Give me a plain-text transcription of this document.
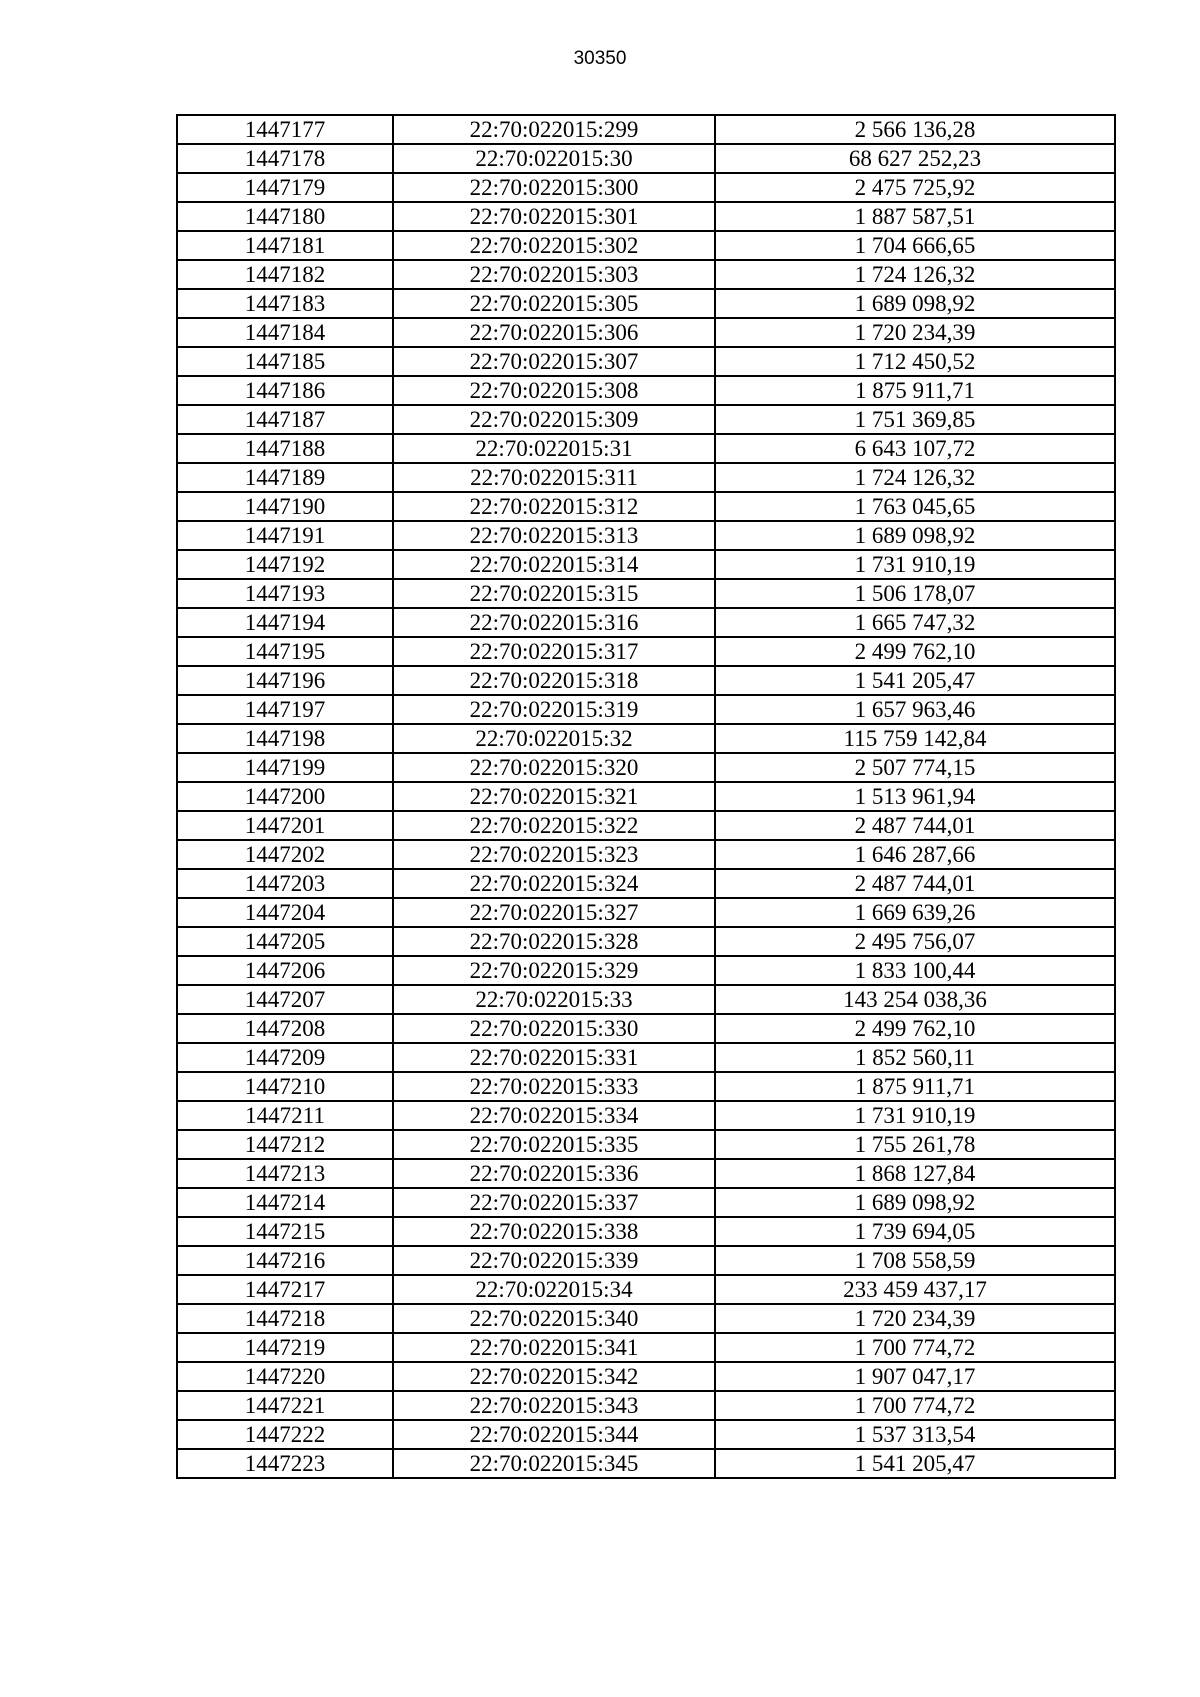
30350
1447177	22:70:022015:299	2 566 136,28
1447178	22:70:022015:30	68 627 252,23
1447179	22:70:022015:300	2 475 725,92
1447180	22:70:022015:301	1 887 587,51
1447181	22:70:022015:302	1 704 666,65
1447182	22:70:022015:303	1 724 126,32
1447183	22:70:022015:305	1 689 098,92
1447184	22:70:022015:306	1 720 234,39
1447185	22:70:022015:307	1 712 450,52
1447186	22:70:022015:308	1 875 911,71
1447187	22:70:022015:309	1 751 369,85
1447188	22:70:022015:31	6 643 107,72
1447189	22:70:022015:311	1 724 126,32
1447190	22:70:022015:312	1 763 045,65
1447191	22:70:022015:313	1 689 098,92
1447192	22:70:022015:314	1 731 910,19
1447193	22:70:022015:315	1 506 178,07
1447194	22:70:022015:316	1 665 747,32
1447195	22:70:022015:317	2 499 762,10
1447196	22:70:022015:318	1 541 205,47
1447197	22:70:022015:319	1 657 963,46
1447198	22:70:022015:32	115 759 142,84
1447199	22:70:022015:320	2 507 774,15
1447200	22:70:022015:321	1 513 961,94
1447201	22:70:022015:322	2 487 744,01
1447202	22:70:022015:323	1 646 287,66
1447203	22:70:022015:324	2 487 744,01
1447204	22:70:022015:327	1 669 639,26
1447205	22:70:022015:328	2 495 756,07
1447206	22:70:022015:329	1 833 100,44
1447207	22:70:022015:33	143 254 038,36
1447208	22:70:022015:330	2 499 762,10
1447209	22:70:022015:331	1 852 560,11
1447210	22:70:022015:333	1 875 911,71
1447211	22:70:022015:334	1 731 910,19
1447212	22:70:022015:335	1 755 261,78
1447213	22:70:022015:336	1 868 127,84
1447214	22:70:022015:337	1 689 098,92
1447215	22:70:022015:338	1 739 694,05
1447216	22:70:022015:339	1 708 558,59
1447217	22:70:022015:34	233 459 437,17
1447218	22:70:022015:340	1 720 234,39
1447219	22:70:022015:341	1 700 774,72
1447220	22:70:022015:342	1 907 047,17
1447221	22:70:022015:343	1 700 774,72
1447222	22:70:022015:344	1 537 313,54
1447223	22:70:022015:345	1 541 205,47
